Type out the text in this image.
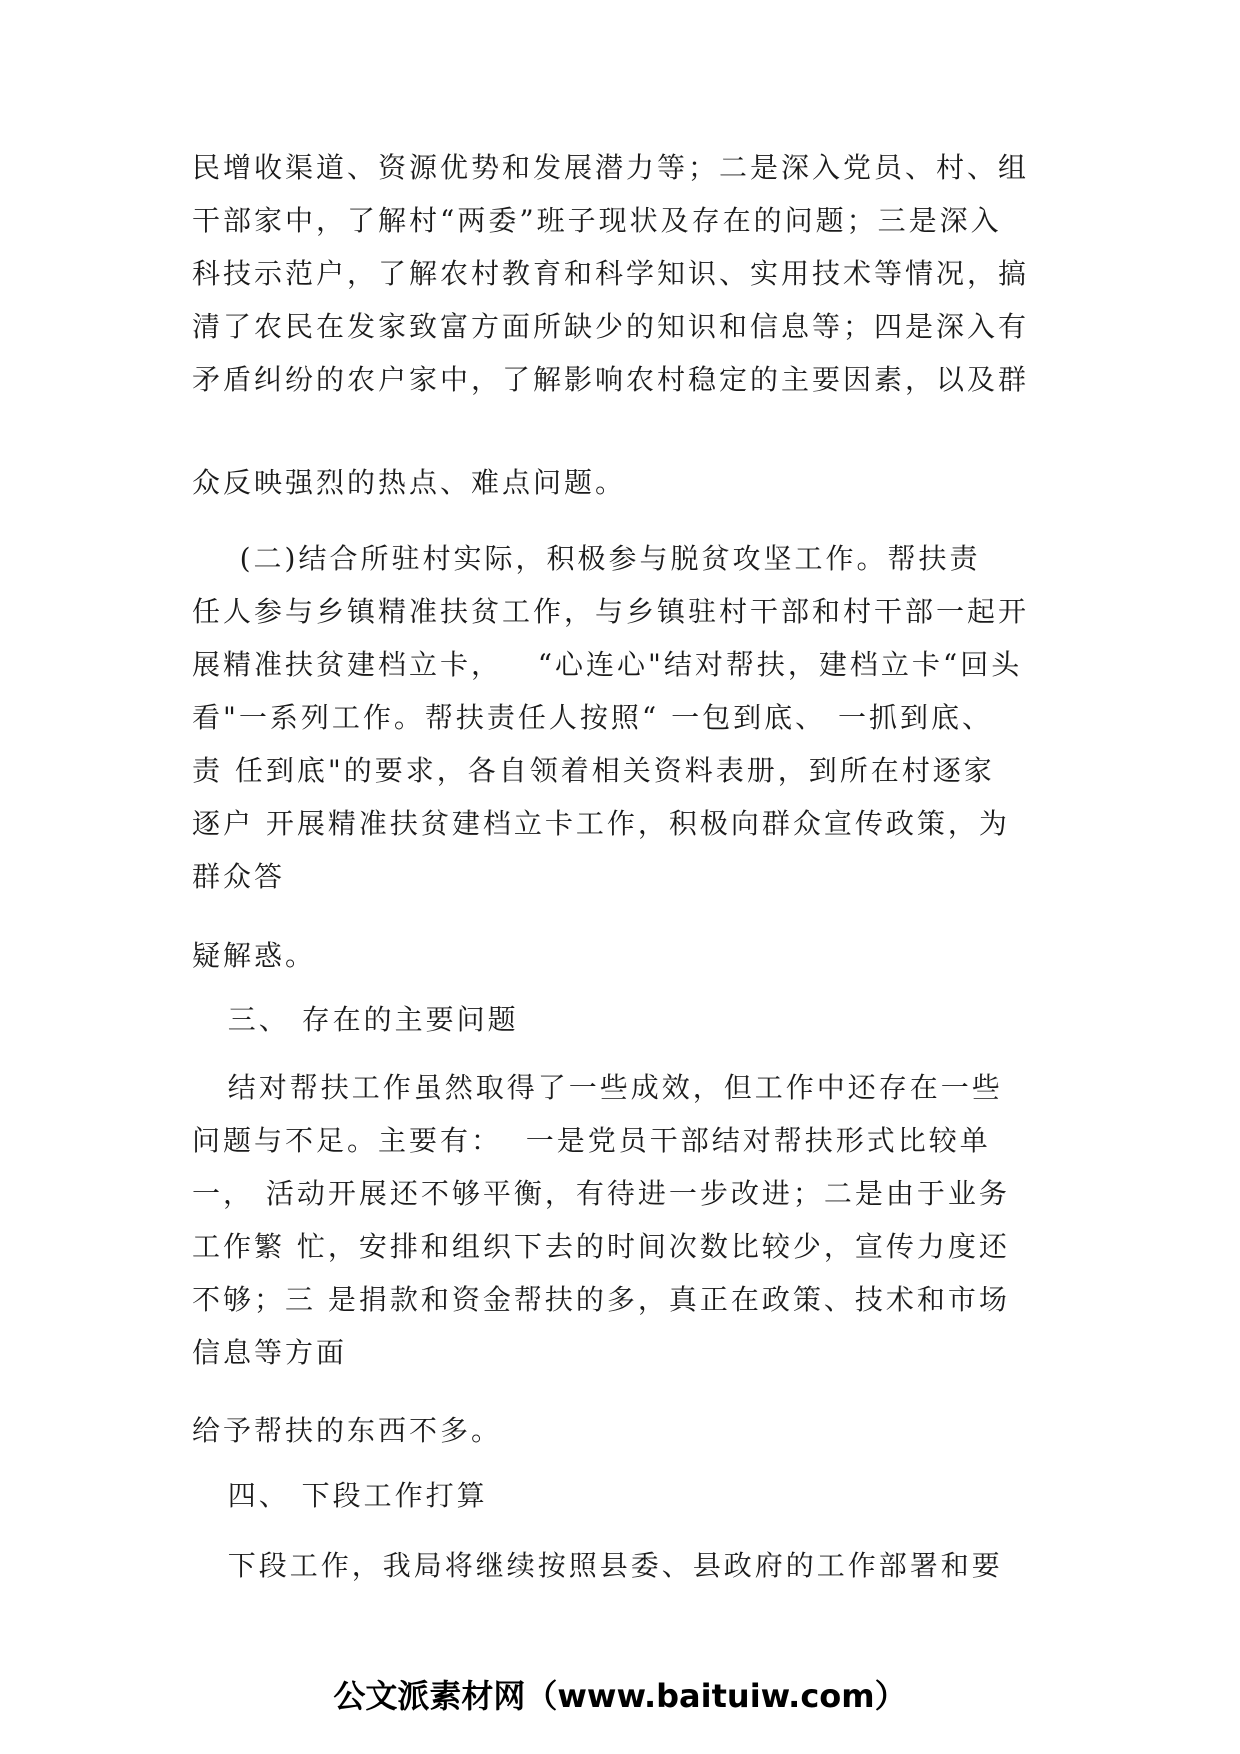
民增收渠道、资源优势和发展潜力等；二是深入党员、村、组
干部家中，了解村“两委”班子现状及存在的问题；三是深入
科技示范户，了解农村教育和科学知识、实用技术等情况，搞
清了农民在发家致富方面所缺少的知识和信息等；四是深入有
矛盾纠纷的农户家中，了解影响农村稳定的主要因素，以及群
众反映强烈的热点、难点问题。
(二)结合所驻村实际，积极参与脱贫攻坚工作。帮扶责
任人参与乡镇精准扶贫工作，与乡镇驻村干部和村干部一起开
展精准扶贫建档立卡，   “心连心"结对帮扶，建档立卡“回头
看"一系列工作。帮扶责任人按照“ 一包到底、 一抓到底、
责 任到底"的要求，各自领着相关资料表册，到所在村逐家
逐户 开展精准扶贫建档立卡工作，积极向群众宣传政策，为
群众答
疑解惑。
三、 存在的主要问题
结对帮扶工作虽然取得了一些成效，但工作中还存在一些
问题与不足。主要有：  一是党员干部结对帮扶形式比较单
一， 活动开展还不够平衡，有待进一步改进；二是由于业务
工作繁 忙，安排和组织下去的时间次数比较少，宣传力度还
不够；三 是捐款和资金帮扶的多，真正在政策、技术和市场
信息等方面
给予帮扶的东西不多。
四、 下段工作打算
下段工作，我局将继续按照县委、县政府的工作部署和要
公文派素材网（www.baituiw.com）
